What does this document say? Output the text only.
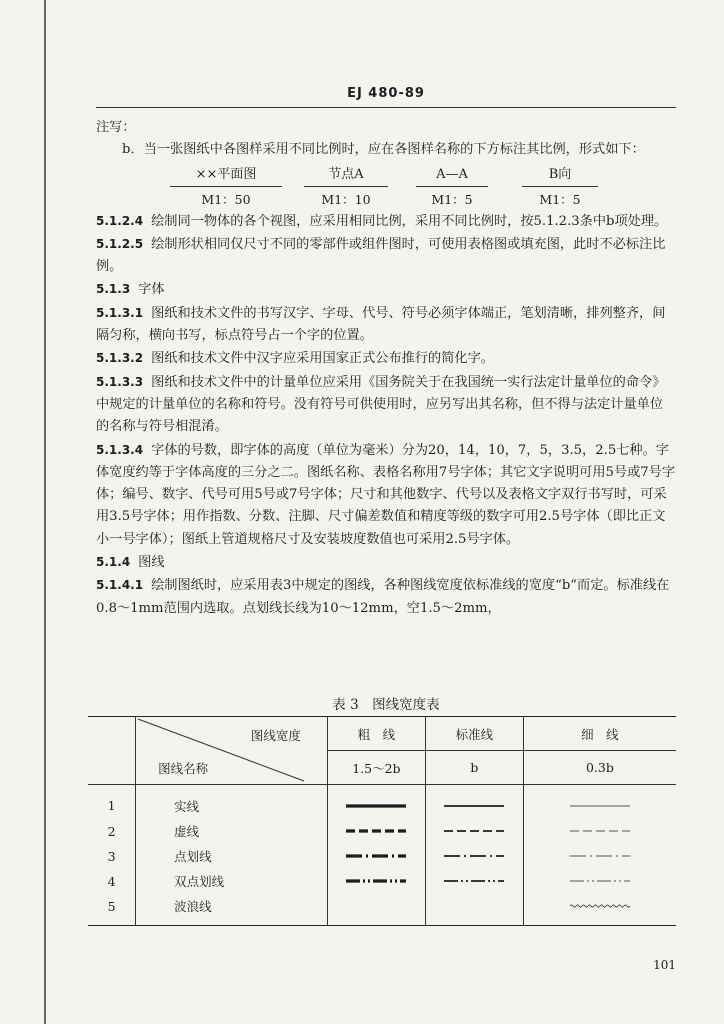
EJ 480-89

注写：

b．当一张图纸中各图样采用不同比例时，应在各图样名称的下方标注其比例，形式如下：

××平面图
M1：50
节点A
M1：10
A—A
M1：5
B向
M1：5

5.1.2.4 绘制同一物体的各个视图，应采用相同比例，采用不同比例时，按5.1.2.3条中b项处理。

5.1.2.5 绘制形状相同仅尺寸不同的零部件或组件图时，可使用表格图或填充图，此时不必标注比例。

5.1.3 字体

5.1.3.1 图纸和技术文件的书写汉字、字母、代号、符号必须字体端正，笔划清晰，排列整齐，间隔匀称，横向书写，标点符号占一个字的位置。

5.1.3.2 图纸和技术文件中汉字应采用国家正式公布推行的简化字。

5.1.3.3 图纸和技术文件中的计量单位应采用《国务院关于在我国统一实行法定计量单位的命令》中规定的计量单位的名称和符号。没有符号可供使用时，应另写出其名称，但不得与法定计量单位的名称与符号相混淆。

5.1.3.4 字体的号数，即字体的高度（单位为毫米）分为20，14，10，7，5，3.5，2.5七种。字体宽度约等于字体高度的三分之二。图纸名称、表格名称用7号字体；其它文字说明可用5号或7号字体；编号、数字、代号可用5号或7号字体；尺寸和其他数字、代号以及表格文字双行书写时，可采用3.5号字体；用作指数、分数、注脚、尺寸偏差数值和精度等级的数字可用2.5号字体（即比正文小一号字体）；图纸上管道规格尺寸及安装坡度数值也可采用2.5号字体。

5.1.4 图线

5.1.4.1 绘制图纸时，应采用表3中规定的图线，各种图线宽度依标准线的宽度“b”而定。标准线在0.8～1mm范围内选取。点划线长线为10～12mm，空1.5～2mm，

表 3　图线宽度表

	图线宽度
图线名称	粗　线	标准线	细　线
		1.5～2b	b	0.3b
1	实线	

2	虚线	

3	点划线	

4	双点划线	

5	波浪线			
101
